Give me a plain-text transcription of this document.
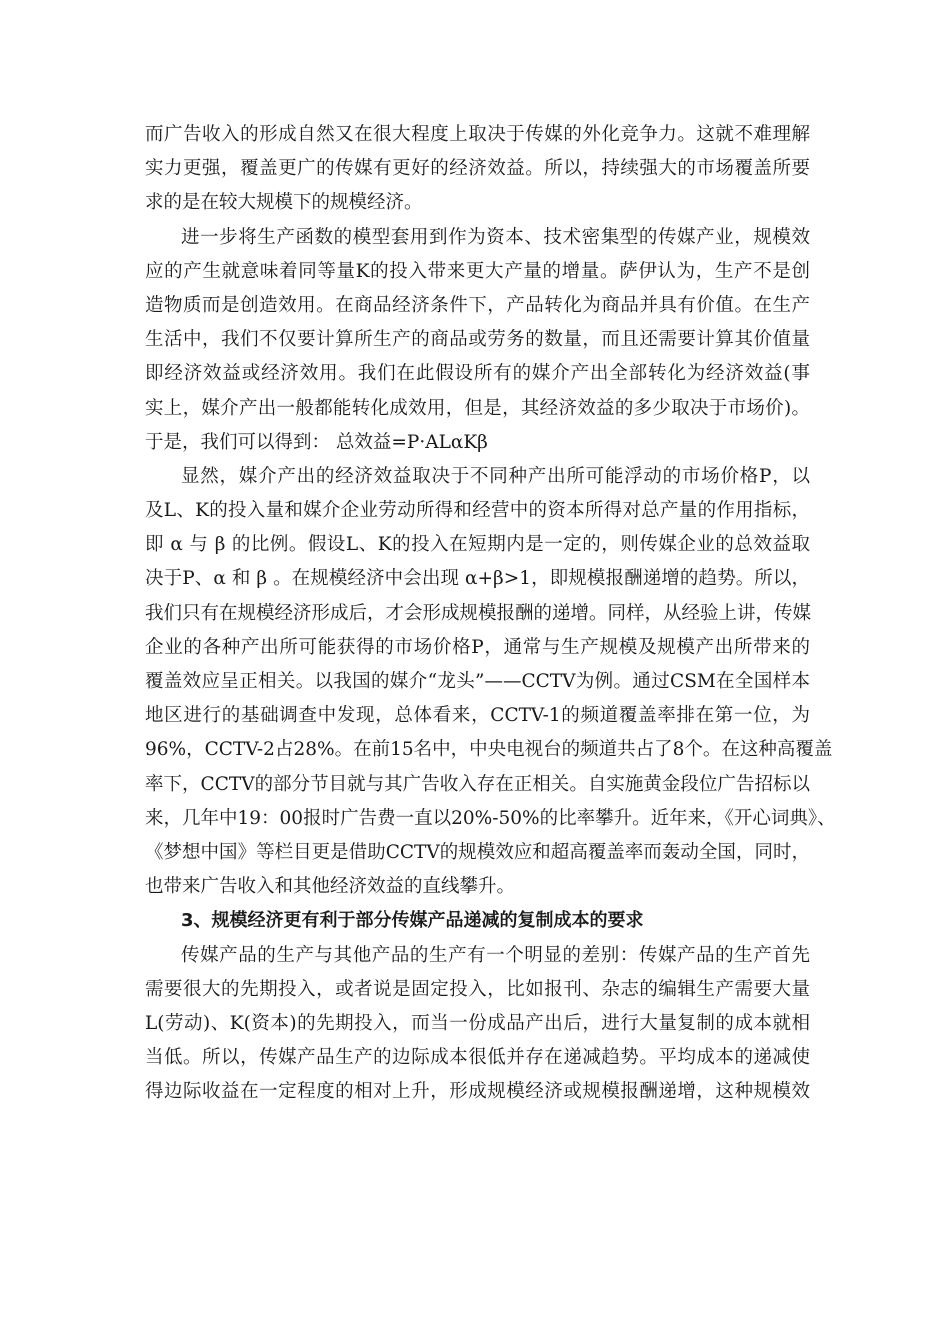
而广告收入的形成自然又在很大程度上取决于传媒的外化竞争力。这就不难理解
实力更强，覆盖更广的传媒有更好的经济效益。所以，持续强大的市场覆盖所要
求的是在较大规模下的规模经济。
进一步将生产函数的模型套用到作为资本、技术密集型的传媒产业，规模效
应的产生就意味着同等量K的投入带来更大产量的增量。萨伊认为，生产不是创
造物质而是创造效用。在商品经济条件下，产品转化为商品并具有价值。在生产
生活中，我们不仅要计算所生产的商品或劳务的数量，而且还需要计算其价值量
即经济效益或经济效用。我们在此假设所有的媒介产出全部转化为经济效益(事
实上，媒介产出一般都能转化成效用，但是，其经济效益的多少取决于市场价)。
于是，我们可以得到： 总效益=P·ALαKβ
显然，媒介产出的经济效益取决于不同种产出所可能浮动的市场价格P，以
及L、K的投入量和媒介企业劳动所得和经营中的资本所得对总产量的作用指标，
即 α 与 β 的比例。假设L、K的投入在短期内是一定的，则传媒企业的总效益取
决于P、α 和 β 。在规模经济中会出现 α+β>1，即规模报酬递增的趋势。所以，
我们只有在规模经济形成后，才会形成规模报酬的递增。同样，从经验上讲，传媒
企业的各种产出所可能获得的市场价格P，通常与生产规模及规模产出所带来的
覆盖效应呈正相关。以我国的媒介“龙头”——CCTV为例。通过CSM在全国样本
地区进行的基础调查中发现，总体看来，CCTV-1的频道覆盖率排在第一位，为
96%，CCTV-2占28%。在前15名中，中央电视台的频道共占了8个。在这种高覆盖
率下，CCTV的部分节目就与其广告收入存在正相关。自实施黄金段位广告招标以
来，几年中19：00报时广告费一直以20%-50%的比率攀升。近年来，《开心词典》、
《梦想中国》等栏目更是借助CCTV的规模效应和超高覆盖率而轰动全国，同时，
也带来广告收入和其他经济效益的直线攀升。
3、规模经济更有利于部分传媒产品递减的复制成本的要求
传媒产品的生产与其他产品的生产有一个明显的差别：传媒产品的生产首先
需要很大的先期投入，或者说是固定投入，比如报刊、杂志的编辑生产需要大量
L(劳动)、K(资本)的先期投入，而当一份成品产出后，进行大量复制的成本就相
当低。所以，传媒产品生产的边际成本很低并存在递减趋势。平均成本的递减使
得边际收益在一定程度的相对上升，形成规模经济或规模报酬递增，这种规模效
